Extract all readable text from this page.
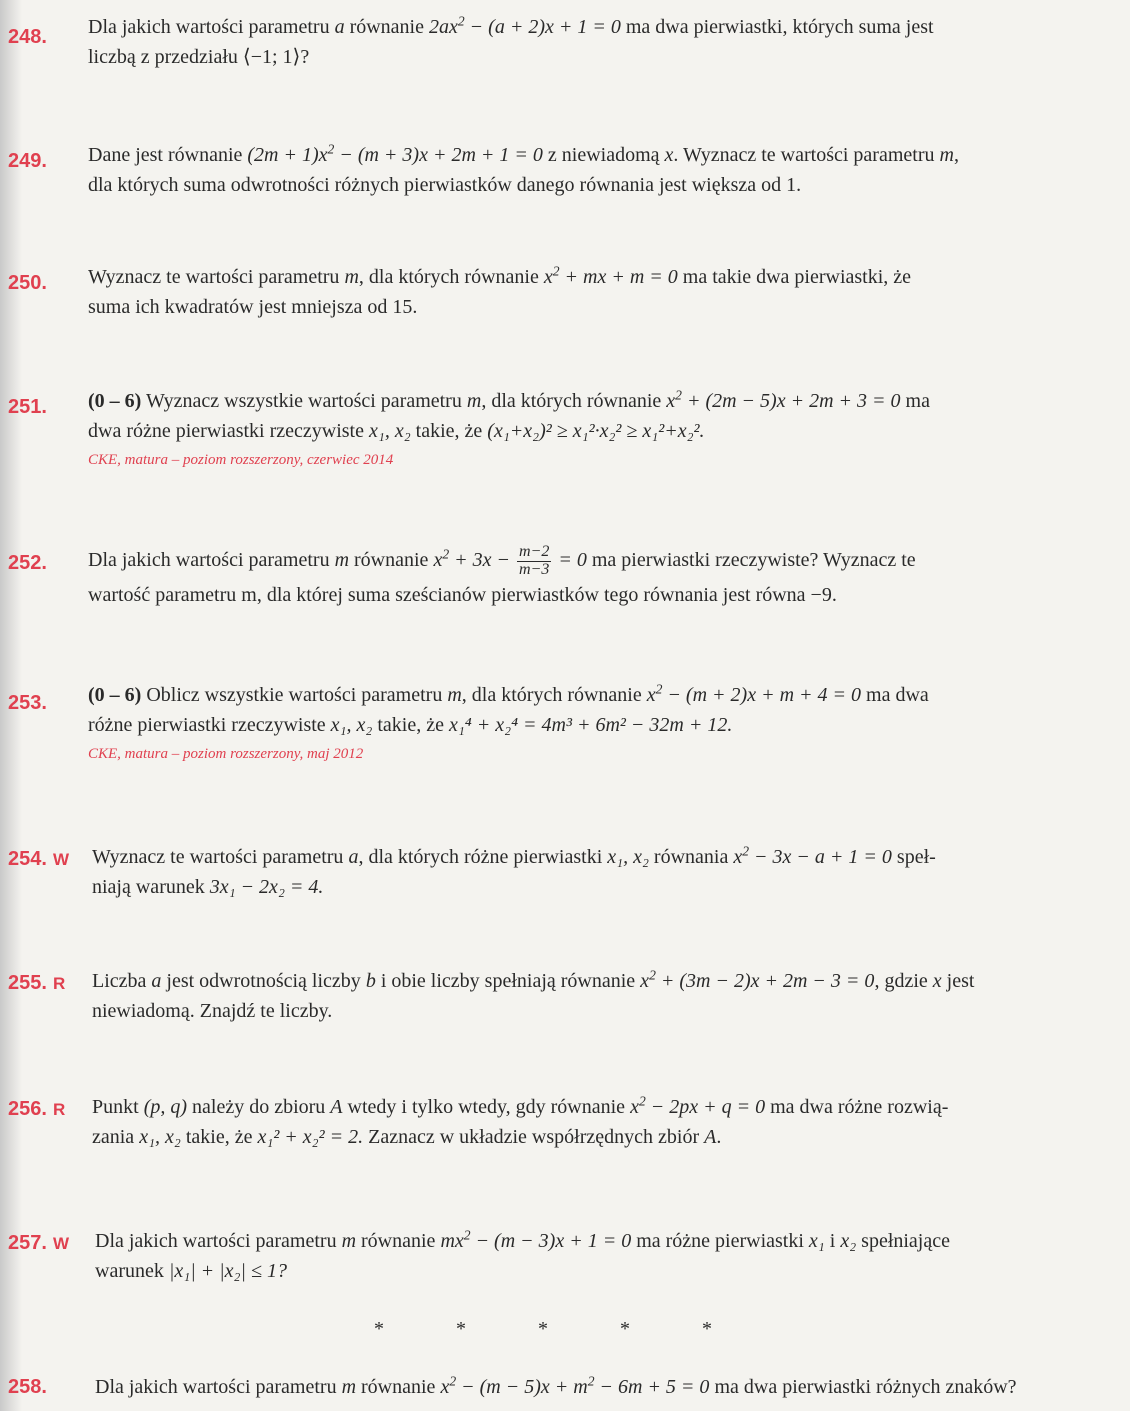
248. Dla jakich wartości parametru a równanie $2ax^2 - (a + 2)x + 1 = 0$ ma dwa pierwiastki, których suma jest
liczbą z przedziału ⟨−1; 1⟩?
249. Dane jest równanie $(2m + 1)x^2 - (m + 3)x + 2m + 1 = 0$ z niewiadomą x. Wyznacz te wartości parametru m,
dla których suma odwrotności różnych pierwiastków danego równania jest większa od 1.
250. Wyznacz te wartości parametru m, dla których równanie $x^2$ + mx + m = 0 ma takie dwa pierwiastki, że
suma ich kwadratów jest mniejsza od 15.
251. (0 – 6) Wyznacz wszystkie wartości parametru m, dla których równanie $x^2 + (2m - 5)x + 2m + 3 = 0$ ma
dwa różne pierwiastki rzeczywiste x₁, x₂ takie, że (x₁+x₂)² ≥ x₁²·x₂² ≥ x₁²+x₂².
CKE, matura – poziom rozszerzony, czerwiec 2014
252. Dla jakich wartości parametru m równanie $x^2 + 3x - \frac{m-2}{m-3} = 0$ ma pierwiastki rzeczywiste? Wyznacz te
wartość parametru m, dla której suma sześcianów pierwiastków tego równania jest równa −9.
253. (0 – 6) Oblicz wszystkie wartości parametru m, dla których równanie $x^2 - (m + 2)x + m + 4 = 0$ ma dwa
różne pierwiastki rzeczywiste x₁, x₂ takie, że x₁⁴ + x₂⁴ = 4m³ + 6m² − 32m + 12.
CKE, matura – poziom rozszerzony, maj 2012
254. W Wyznacz te wartości parametru a, dla których różne pierwiastki x₁, x₂ równania $x^2 - 3x - a + 1 = 0$ speł-
niają warunek 3x₁ − 2x₂ = 4.
255. R Liczba a jest odwrotnością liczby b i obie liczby spełniają równanie $x^2 + (3m - 2)x + 2m - 3 = 0$, gdzie x jest
niewiadomą. Znajdź te liczby.
256. R Punkt (p, q) należy do zbioru A wtedy i tylko wtedy, gdy równanie $x^2 - 2px + q = 0$ ma dwa różne rozwią-
zania x₁, x₂ takie, że x₁² + x₂² = 2. Zaznacz w układzie współrzędnych zbiór A.
257. W Dla jakich wartości parametru m równanie $mx^2 - (m - 3)x + 1 = 0$ ma różne pierwiastki x₁ i x₂ spełniające
warunek |x₁| + |x₂| ≤ 1?
*	*	*	*	*
258. Dla jakich wartości parametru m równanie $x^2 - (m - 5)x + m^2 - 6m + 5 = 0$ ma dwa pierwiastki różnych znaków?
